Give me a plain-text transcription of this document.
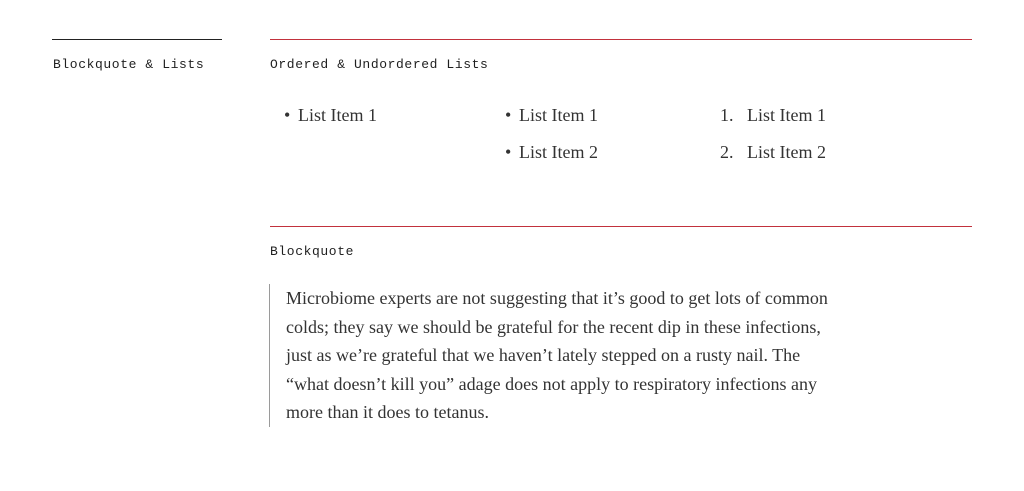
Blockquote & Lists	Ordered & Undordered Lists
• List Item 1
•	List Item 1
• List Item 2
1. List Item 1
2. List Item 2
Blockquote

Microbiome experts are not suggesting that it’s good to get lots of common colds; they say we should be grateful for the recent dip in these infections, just as we’re grateful that we haven’t lately stepped on a rusty nail. The “what doesn’t kill you” adage does not apply to respiratory infections any more than it does to tetanus.
